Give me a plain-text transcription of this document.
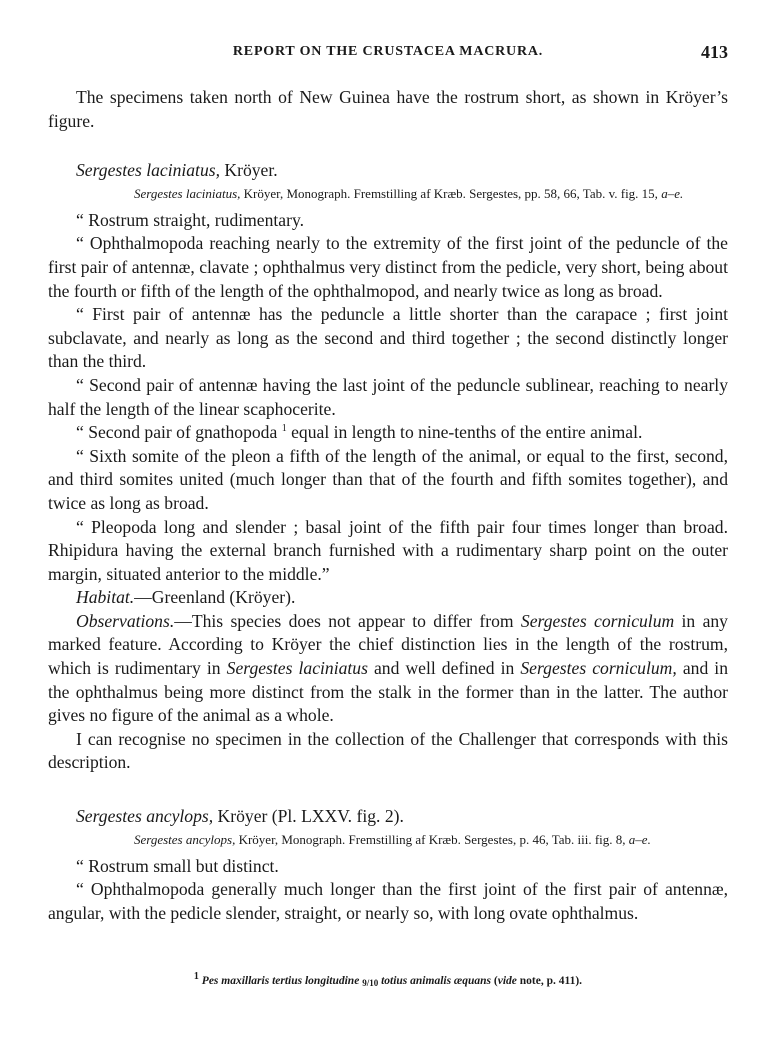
REPORT ON THE CRUSTACEA MACRURA.	413

The specimens taken north of New Guinea have the rostrum short, as shown in Kröyer’s figure.

Sergestes laciniatus, Kröyer.

Sergestes laciniatus, Kröyer, Monograph. Fremstilling af Kræb. Sergestes, pp. 58, 66, Tab. v. fig. 15, a–e.

“ Rostrum straight, rudimentary.

“ Ophthalmopoda reaching nearly to the extremity of the first joint of the peduncle of the first pair of antennæ, clavate ; ophthalmus very distinct from the pedicle, very short, being about the fourth or fifth of the length of the ophthalmopod, and nearly twice as long as broad.

“ First pair of antennæ has the peduncle a little shorter than the carapace ; first joint subclavate, and nearly as long as the second and third together ; the second distinctly longer than the third.

“ Second pair of antennæ having the last joint of the peduncle sublinear, reaching to nearly half the length of the linear scaphocerite.

“ Second pair of gnathopoda $^1$ equal in length to nine-tenths of the entire animal.

“ Sixth somite of the pleon a fifth of the length of the animal, or equal to the first, second, and third somites united (much longer than that of the fourth and fifth somites together), and twice as long as broad.

“ Pleopoda long and slender ; basal joint of the fifth pair four times longer than broad. Rhipidura having the external branch furnished with a rudimentary sharp point on the outer margin, situated anterior to the middle.”

Habitat.—Greenland (Kröyer).

Observations.—This species does not appear to differ from Sergestes corniculum in any marked feature. According to Kröyer the chief distinction lies in the length of the rostrum, which is rudimentary in Sergestes laciniatus and well defined in Sergestes corniculum, and in the ophthalmus being more distinct from the stalk in the former than in the latter. The author gives no figure of the animal as a whole.

I can recognise no specimen in the collection of the Challenger that corresponds with this description.

Sergestes ancylops, Kröyer (Pl. LXXV. fig. 2).

Sergestes ancylops, Kröyer, Monograph. Fremstilling af Kræb. Sergestes, p. 46, Tab. iii. fig. 8, a–e.

“ Rostrum small but distinct.

“ Ophthalmopoda generally much longer than the first joint of the first pair of antennæ, angular, with the pedicle slender, straight, or nearly so, with long ovate ophthalmus.

$^1$ Pes maxillaris tertius longitudine 9/10 totius animalis æquans (vide note, p. 411).
